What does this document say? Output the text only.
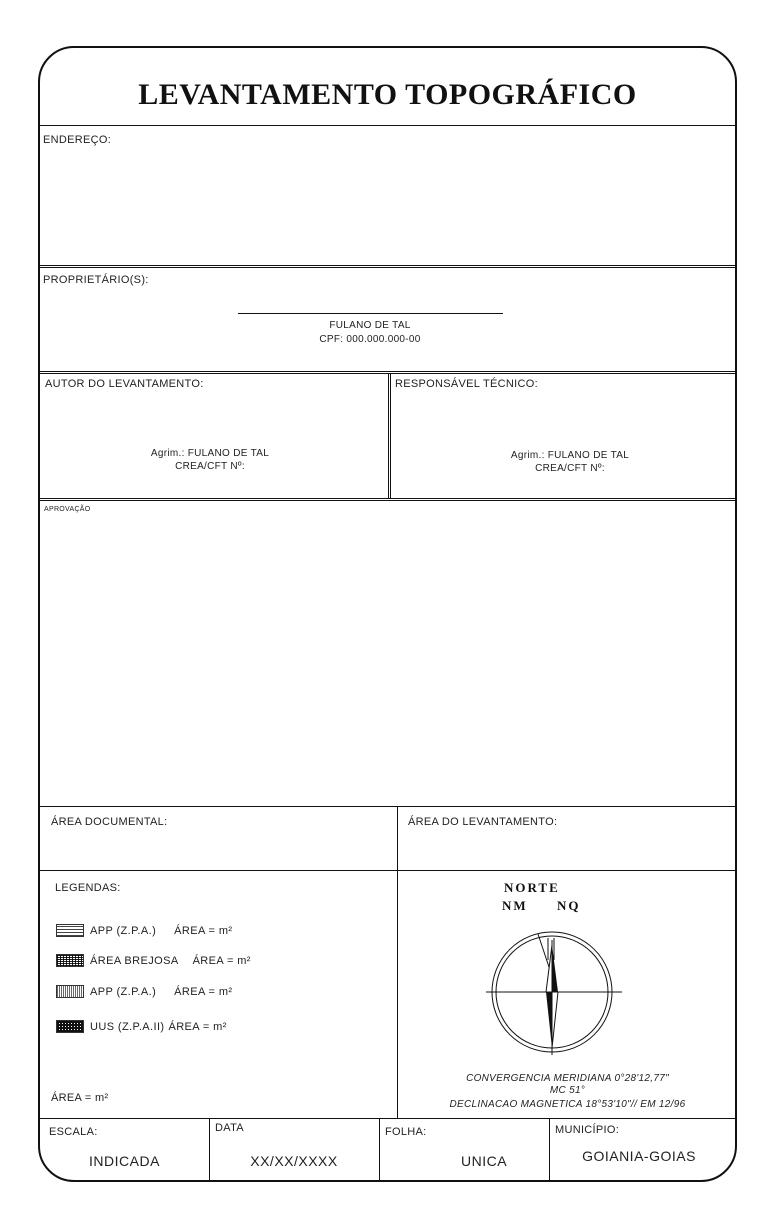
LEVANTAMENTO TOPOGRÁFICO
ENDEREÇO:
PROPRIETÁRIO(S):
FULANO DE TAL
CPF: 000.000.000-00
AUTOR DO LEVANTAMENTO:
Agrim.: FULANO DE TAL
CREA/CFT Nº:
RESPONSÁVEL TÉCNICO:
Agrim.: FULANO DE TAL
CREA/CFT Nº:
APROVAÇÃO
ÁREA DOCUMENTAL:	ÁREA DO LEVANTAMENTO:
LEGENDAS:
APP (Z.P.A.) ÁREA = m²
ÁREA BREJOSA ÁREA = m²
APP (Z.P.A.) ÁREA = m²
UUS (Z.P.A.II) ÁREA = m²
ÁREA = m²
NORTE
NM NQ
CONVERGENCIA MERIDIANA 0°28'12,77"
MC 51°
DECLINACAO MAGNETICA 18°53'10"// EM 12/96
ESCALA:
INDICADA
DATA
XX/XX/XXXX
FOLHA:
UNICA
MUNICÍPIO:
GOIANIA-GOIAS
